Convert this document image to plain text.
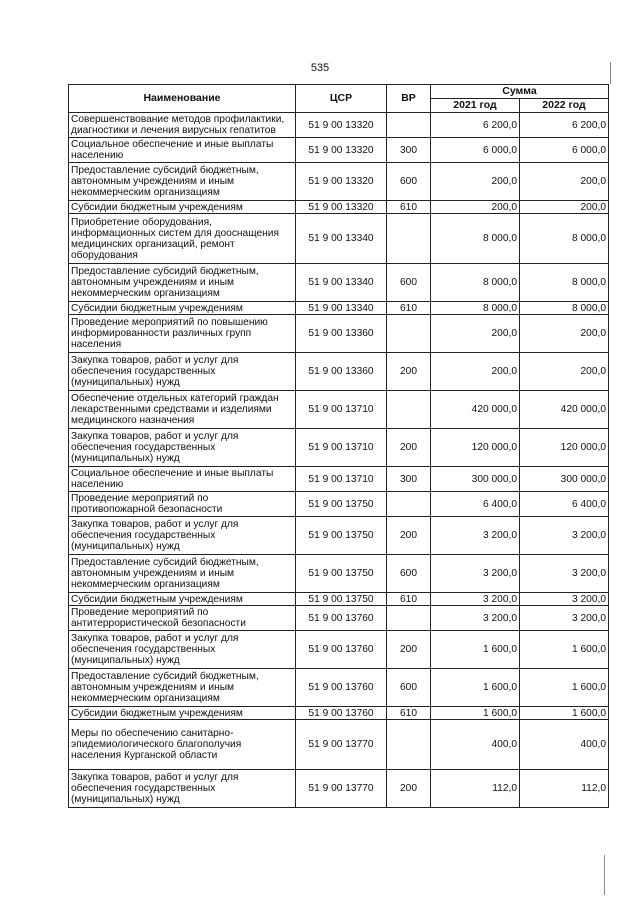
535
Наименование	ЦСР	ВР	Сумма	
			2021 год	2022 год
Совершенствование методов профилактики, диагностики и лечения вирусных гепатитов	51 9 00 13320		6 200,0	6 200,0
Социальное обеспечение и иные выплаты населению	51 9 00 13320	300	6 000,0	6 000,0
Предоставление субсидий бюджетным, автономным учреждениям и иным некоммерческим организациям	51 9 00 13320	600	200,0	200,0
Субсидии бюджетным учреждениям	51 9 00 13320	610	200,0	200,0
Приобретение оборудования, информационных систем для дооснащения медицинских организаций, ремонт оборудования	51 9 00 13340		8 000,0	8 000,0
Предоставление субсидий бюджетным, автономным учреждениям и иным некоммерческим организациям	51 9 00 13340	600	8 000,0	8 000,0
Субсидии бюджетным учреждениям	51 9 00 13340	610	8 000,0	8 000,0
Проведение мероприятий по повышению информированности различных групп населения	51 9 00 13360		200,0	200,0
Закупка товаров, работ и услуг для обеспечения государственных (муниципальных) нужд	51 9 00 13360	200	200,0	200,0
Обеспечение отдельных категорий граждан лекарственными средствами и изделиями медицинского назначения	51 9 00 13710		420 000,0	420 000,0
Закупка товаров, работ и услуг для обеспечения государственных (муниципальных) нужд	51 9 00 13710	200	120 000,0	120 000,0
Социальное обеспечение и иные выплаты населению	51 9 00 13710	300	300 000,0	300 000,0
Проведение мероприятий по противопожарной безопасности	51 9 00 13750		6 400,0	6 400,0
Закупка товаров, работ и услуг для обеспечения государственных (муниципальных) нужд	51 9 00 13750	200	3 200,0	3 200,0
Предоставление субсидий бюджетным, автономным учреждениям и иным некоммерческим организациям	51 9 00 13750	600	3 200,0	3 200,0
Субсидии бюджетным учреждениям	51 9 00 13750	610	3 200,0	3 200,0
Проведение мероприятий по антитеррористической безопасности	51 9 00 13760		3 200,0	3 200,0
Закупка товаров, работ и услуг для обеспечения государственных (муниципальных) нужд	51 9 00 13760	200	1 600,0	1 600,0
Предоставление субсидий бюджетным, автономным учреждениям и иным некоммерческим организациям	51 9 00 13760	600	1 600,0	1 600,0
Субсидии бюджетным учреждениям	51 9 00 13760	610	1 600,0	1 600,0
Меры по обеспечению санитарно-эпидемиологического благополучия населения Курганской области	51 9 00 13770		400,0	400,0
Закупка товаров, работ и услуг для обеспечения государственных (муниципальных) нужд	51 9 00 13770	200	112,0	112,0
